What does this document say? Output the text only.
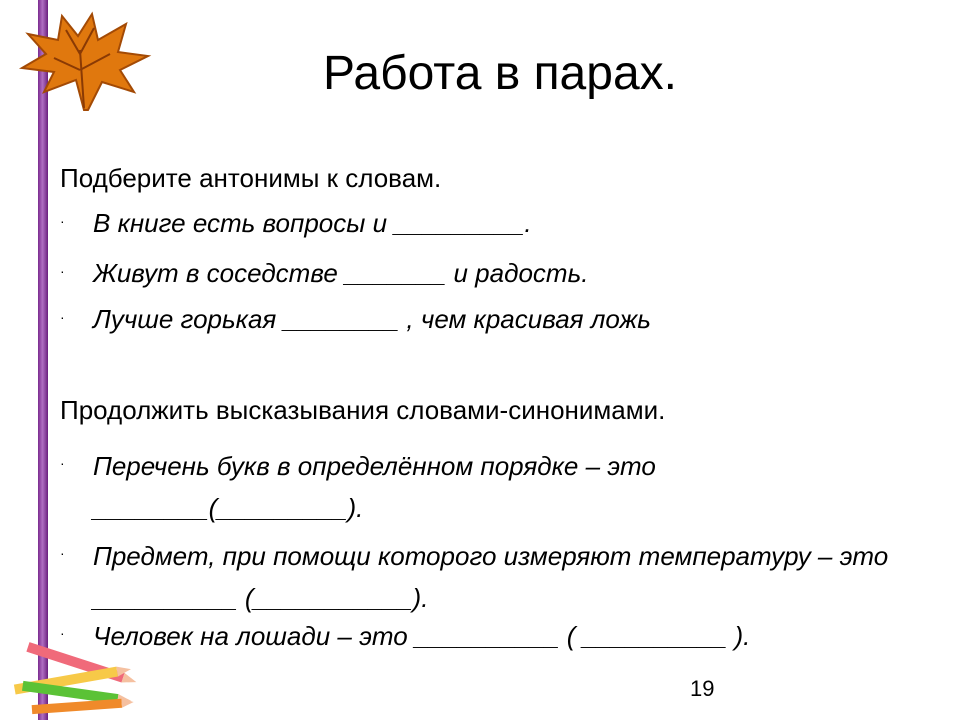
Работа в парах.
Подберите антонимы к словам.
· В книге есть вопросы и _________.
· Живут в соседстве _______ и радость.
· Лучше горькая ________ , чем красивая ложь
Продолжить высказывания словами-синонимами.
· Перечень букв в определённом порядке – это ________(_________).
· Предмет, при помощи которого измеряют температуру – это __________ (___________).
· Человек на лошади – это __________ ( __________ ).
19
